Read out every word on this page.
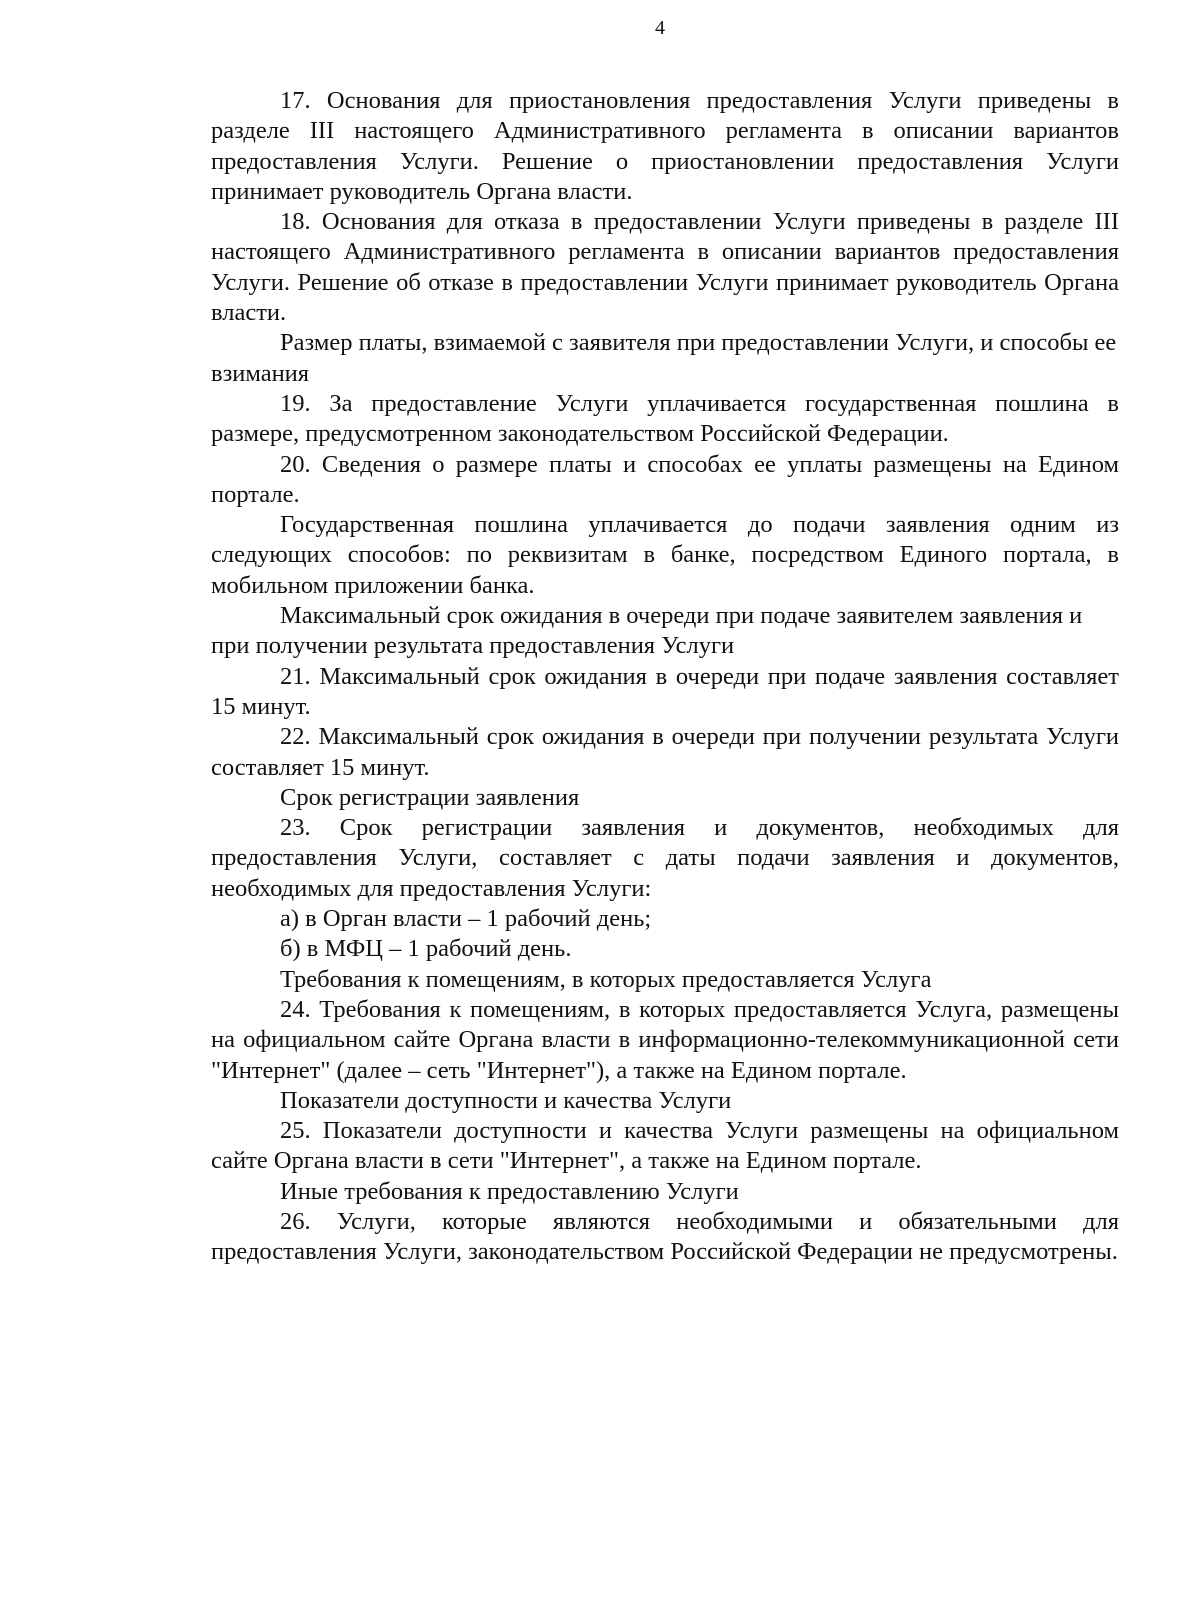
4

17. Основания для приостановления предоставления Услуги приведены в разделе III настоящего Административного регламента в описании вариантов предоставления Услуги. Решение о приостановлении предоставления Услуги принимает руководитель Органа власти.

18. Основания для отказа в предоставлении Услуги приведены в разделе III настоящего Административного регламента в описании вариантов предоставления Услуги. Решение об отказе в предоставлении Услуги принимает руководитель Органа власти.

Размер платы, взимаемой с заявителя при предоставлении Услуги, и способы ее взимания

19. За предоставление Услуги уплачивается государственная пошлина в размере, предусмотренном законодательством Российской Федерации.

20. Сведения о размере платы и способах ее уплаты размещены на Едином портале.

Государственная пошлина уплачивается до подачи заявления одним из следующих способов: по реквизитам в банке, посредством Единого портала, в мобильном приложении банка.

Максимальный срок ожидания в очереди при подаче заявителем заявления и при получении результата предоставления Услуги

21. Максимальный срок ожидания в очереди при подаче заявления составляет 15 минут.

22. Максимальный срок ожидания в очереди при получении результата Услуги составляет 15 минут.

Срок регистрации заявления

23. Срок регистрации заявления и документов, необходимых для предоставления Услуги, составляет с даты подачи заявления и документов, необходимых для предоставления Услуги:

а) в Орган власти – 1 рабочий день;

б) в МФЦ – 1 рабочий день.

Требования к помещениям, в которых предоставляется Услуга

24. Требования к помещениям, в которых предоставляется Услуга, размещены на официальном сайте Органа власти в информационно-телекоммуникационной сети "Интернет" (далее – сеть "Интернет"), а также на Едином портале.

Показатели доступности и качества Услуги

25. Показатели доступности и качества Услуги размещены на официальном сайте Органа власти в сети "Интернет", а также на Едином портале.

Иные требования к предоставлению Услуги

26. Услуги, которые являются необходимыми и обязательными для предоставления Услуги, законодательством Российской Федерации не предусмотрены.
